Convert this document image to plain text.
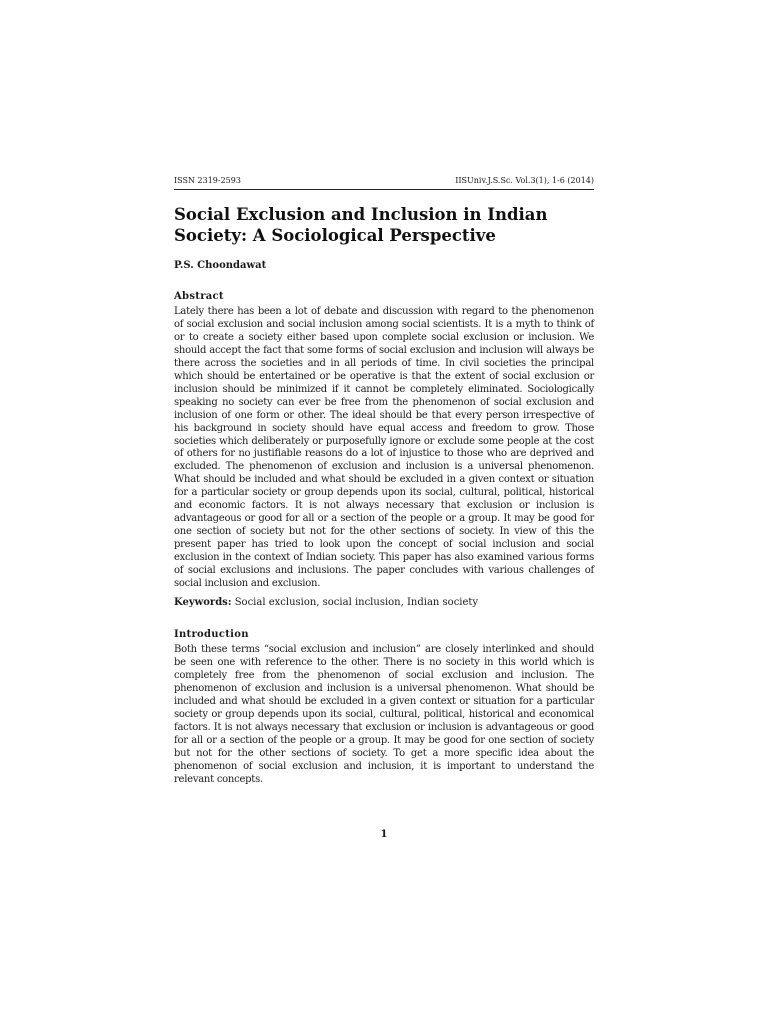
ISSN 2319-2593	IISUniv.J.S.Sc. Vol.3(1), 1-6 (2014)
Social Exclusion and Inclusion in Indian
Society: A Sociological Perspective
P.S. Choondawat
Abstract

Lately there has been a lot of debate and discussion with regard to the phenomenon of social exclusion and social inclusion among social scientists. It is a myth to think of or to create a society either based upon complete social exclusion or inclusion. We should accept the fact that some forms of social exclusion and inclusion will always be there across the societies and in all periods of time. In civil societies the principal which should be entertained or be operative is that the extent of social exclusion or inclusion should be minimized if it cannot be completely eliminated. Sociologically speaking no society can ever be free from the phenomenon of social exclusion and inclusion of one form or other. The ideal should be that every person irrespective of his background in society should have equal access and freedom to grow. Those societies which deliberately or purposefully ignore or exclude some people at the cost of others for no justifiable reasons do a lot of injustice to those who are deprived and excluded. The phenomenon of exclusion and inclusion is a universal phenomenon. What should be included and what should be excluded in a given context or situation for a particular society or group depends upon its social, cultural, political, historical and economic factors. It is not always necessary that exclusion or inclusion is advantageous or good for all or a section of the people or a group. It may be good for one section of society but not for the other sections of society. In view of this the present paper has tried to look upon the concept of social inclusion and social exclusion in the context of Indian society. This paper has also examined various forms of social exclusions and inclusions. The paper concludes with various challenges of social inclusion and exclusion.

Keywords: Social exclusion, social inclusion, Indian society
Introduction

Both these terms “social exclusion and inclusion” are closely interlinked and should be seen one with reference to the other. There is no society in this world which is completely free from the phenomenon of social exclusion and inclusion. The phenomenon of exclusion and inclusion is a universal phenomenon. What should be included and what should be excluded in a given context or situation for a particular society or group depends upon its social, cultural, political, historical and economical factors. It is not always necessary that exclusion or inclusion is advantageous or good for all or a section of the people or a group. It may be good for one section of society but not for the other sections of society. To get a more specific idea about the phenomenon of social exclusion and inclusion, it is important to understand the relevant concepts.

1
